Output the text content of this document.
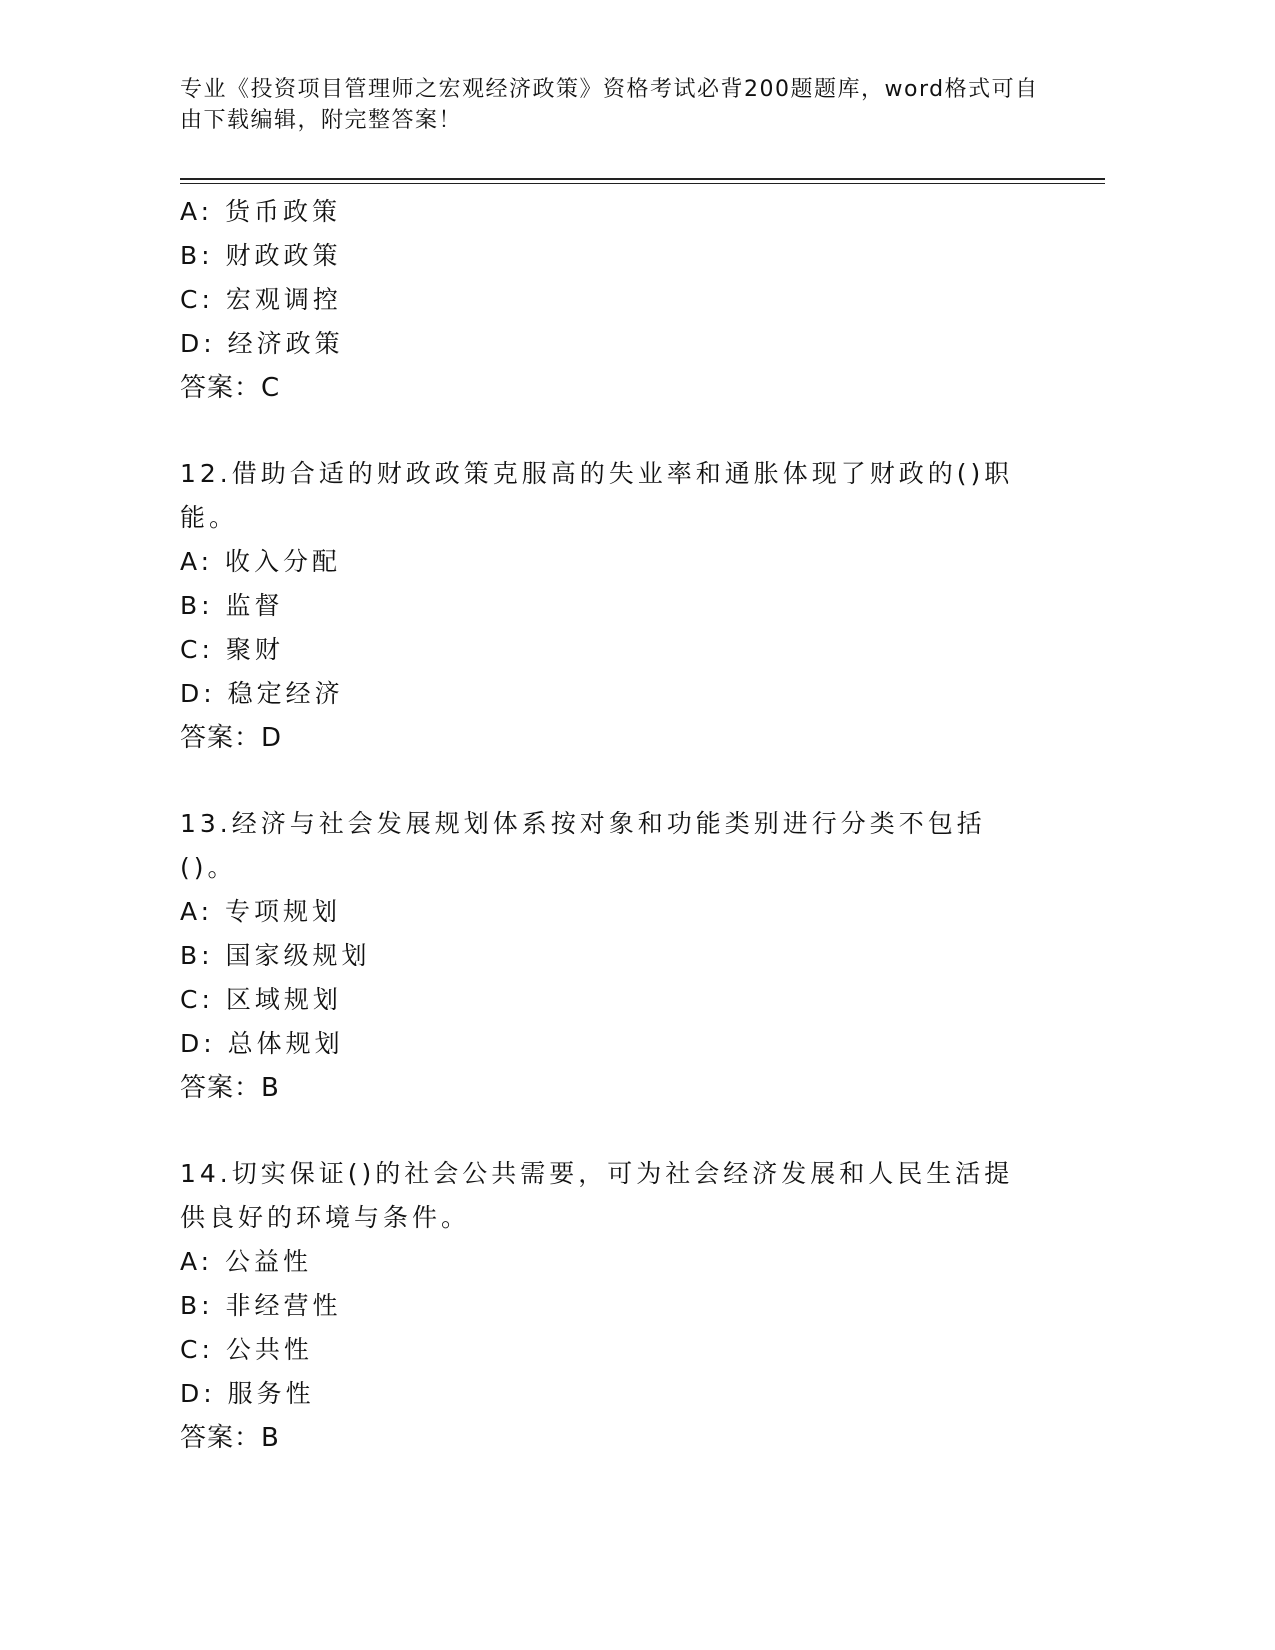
专业《投资项目管理师之宏观经济政策》资格考试必背200题题库，word格式可自由下载编辑，附完整答案！
A: 货币政策
B: 财政政策
C: 宏观调控
D: 经济政策
答案：C
12.借助合适的财政政策克服高的失业率和通胀体现了财政的()职能。
A: 收入分配
B: 监督
C: 聚财
D: 稳定经济
答案：D
13.经济与社会发展规划体系按对象和功能类别进行分类不包括()。
A: 专项规划
B: 国家级规划
C: 区域规划
D: 总体规划
答案：B
14.切实保证()的社会公共需要，可为社会经济发展和人民生活提供良好的环境与条件。
A: 公益性
B: 非经营性
C: 公共性
D: 服务性
答案：B
